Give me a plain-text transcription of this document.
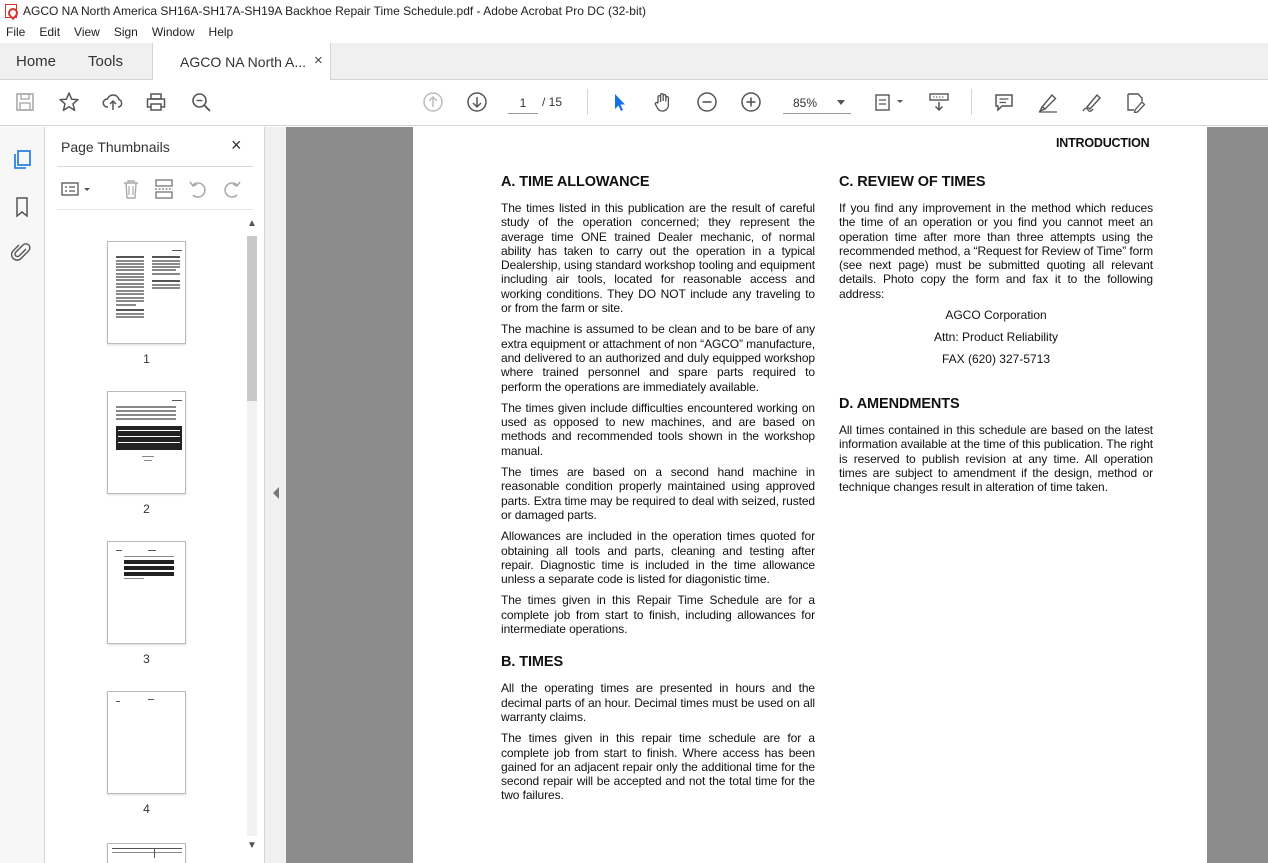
AGCO NA North America SH16A-SH17A-SH19A Backhoe Repair Time Schedule.pdf - Adobe Acrobat Pro DC (32-bit)
File Edit View Sign Window Help
Home Tools	AGCO NA North A... ×
1
/ 15	85%
Page Thumbnails	×
1
2
3
4
▲
▼
INTRODUCTION
A. TIME ALLOWANCE

The times listed in this publication are the result of careful study of the operation concerned; they represent the average time ONE trained Dealer mechanic, of normal ability has taken to carry out the operation in a typical Dealership, using standard workshop tooling and equipment including air tools, located for reasonable access and working conditions. They DO NOT include any traveling to or from the farm or site.

The machine is assumed to be clean and to be bare of any extra equipment or attachment of non “AGCO” manufacture, and delivered to an authorized and duly equipped workshop where trained personnel and spare parts required to perform the operations are immediately available.

The times given include difficulties encountered working on used as opposed to new machines, and are based on methods and recommended tools shown in the workshop manual.

The times are based on a second hand machine in reasonable condition properly maintained using approved parts. Extra time may be required to deal with seized, rusted or damaged parts.

Allowances are included in the operation times quoted for obtaining all tools and parts, cleaning and testing after repair. Diagnostic time is included in the time allowance unless a separate code is listed for diagonistic time.

The times given in this Repair Time Schedule are for a complete job from start to finish, including allowances for intermediate operations.

B. TIMES

All the operating times are presented in hours and the decimal parts of an hour. Decimal times must be used on all warranty claims.

The times given in this repair time schedule are for a complete job from start to finish. Where access has been gained for an adjacent repair only the additional time for the second repair will be accepted and not the total time for the two failures.

C. REVIEW OF TIMES

If you find any improvement in the method which reduces the time of an operation or you find you cannot meet an operation time after more than three attempts using the recommended method, a “Request for Review of Time” form (see next page) must be submitted quoting all relevant details. Photo copy the form and fax it to the following address:

AGCO Corporation
Attn: Product Reliability
FAX (620) 327-5713
D. AMENDMENTS

All times contained in this schedule are based on the latest information available at the time of this publication. The right is reserved to publish revision at any time. All operation times are subject to amendment if the design, method or technique changes result in alteration of time taken.
